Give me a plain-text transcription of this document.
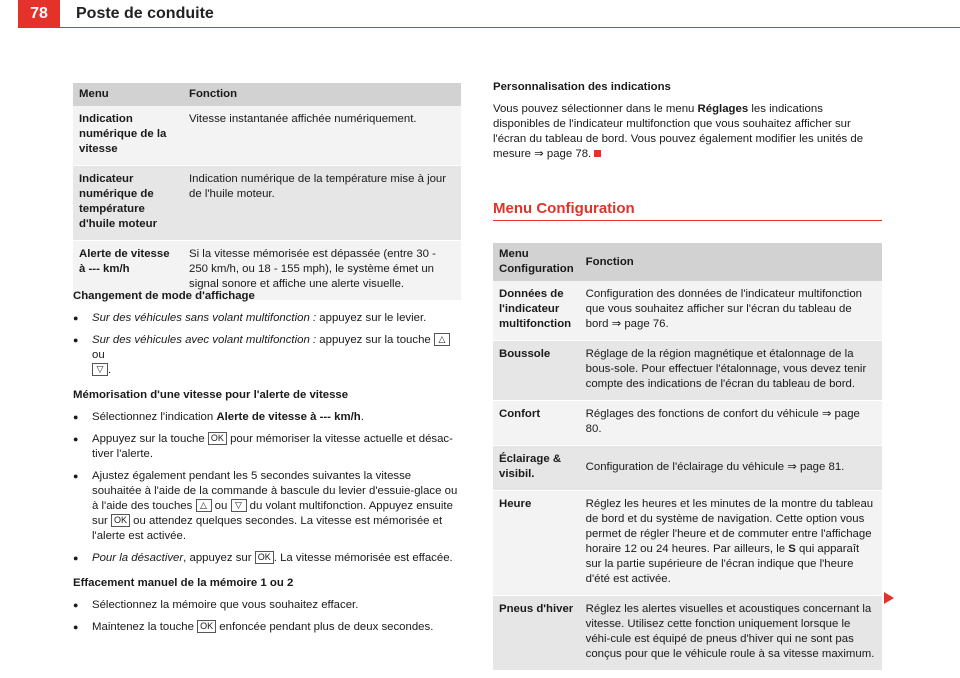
78	Poste de conduite
Menu	Fonction
Indication numérique de la vitesse	Vitesse instantanée affichée numériquement.
Indicateur numérique de température d'huile moteur	Indication numérique de la température mise à jour de l'huile moteur.
Alerte de vitesse à --- km/h	Si la vitesse mémorisée est dépassée (entre 30 - 250 km/h, ou 18 - 155 mph), le système émet un signal sonore et affiche une alerte visuelle.
Changement de mode d'affichage
● Sur des véhicules sans volant multifonction : appuyez sur le levier.
● Sur des véhicules avec volant multifonction : appuyez sur la touche △ ou
▽ .
Mémorisation d'une vitesse pour l'alerte de vitesse
● Sélectionnez l'indication Alerte de vitesse à --- km/h.
● Appuyez sur la touche OK pour mémoriser la vitesse actuelle et désac-tiver l'alerte.
● Ajustez également pendant les 5 secondes suivantes la vitesse souhaitée à l'aide de la commande à bascule du levier d'essuie-glace ou à l'aide des touches △ ou ▽ du volant multifonction. Appuyez ensuite sur OK ou attendez quelques secondes. La vitesse est mémorisée et l'alerte est activée.
● Pour la désactiver, appuyez sur OK . La vitesse mémorisée est effacée.
Effacement manuel de la mémoire 1 ou 2
● Sélectionnez la mémoire que vous souhaitez effacer.
● Maintenez la touche OK enfoncée pendant plus de deux secondes.
Personnalisation des indications
Vous pouvez sélectionner dans le menu Réglages les indications disponibles de l'indicateur multifonction que vous souhaitez afficher sur l'écran du tableau de bord. Vous pouvez également modifier les unités de mesure ⇒ page 78.
Menu Configuration
Menu Configuration	Fonction
Données de l'indicateur multifonction	Configuration des données de l'indicateur multifonction que vous souhaitez afficher sur l'écran du tableau de bord ⇒ page 76.
Boussole	Réglage de la région magnétique et étalonnage de la bous-sole. Pour effectuer l'étalonnage, vous devez tenir compte des indications de l'écran du tableau de bord.
Confort	Réglages des fonctions de confort du véhicule ⇒ page 80.
Éclairage & visibil.	Configuration de l'éclairage du véhicule ⇒ page 81.
Heure	Réglez les heures et les minutes de la montre du tableau de bord et du système de navigation. Cette option vous permet de régler l'heure et de commuter entre l'affichage horaire 12 ou 24 heures. Par ailleurs, le S qui apparaît sur la partie supérieure de l'écran indique que l'heure d'été est activée.
Pneus d'hiver	Réglez les alertes visuelles et acoustiques concernant la vitesse. Utilisez cette fonction uniquement lorsque le véhi-cule est équipé de pneus d'hiver qui ne sont pas conçus pour que le véhicule roule à sa vitesse maximum.
